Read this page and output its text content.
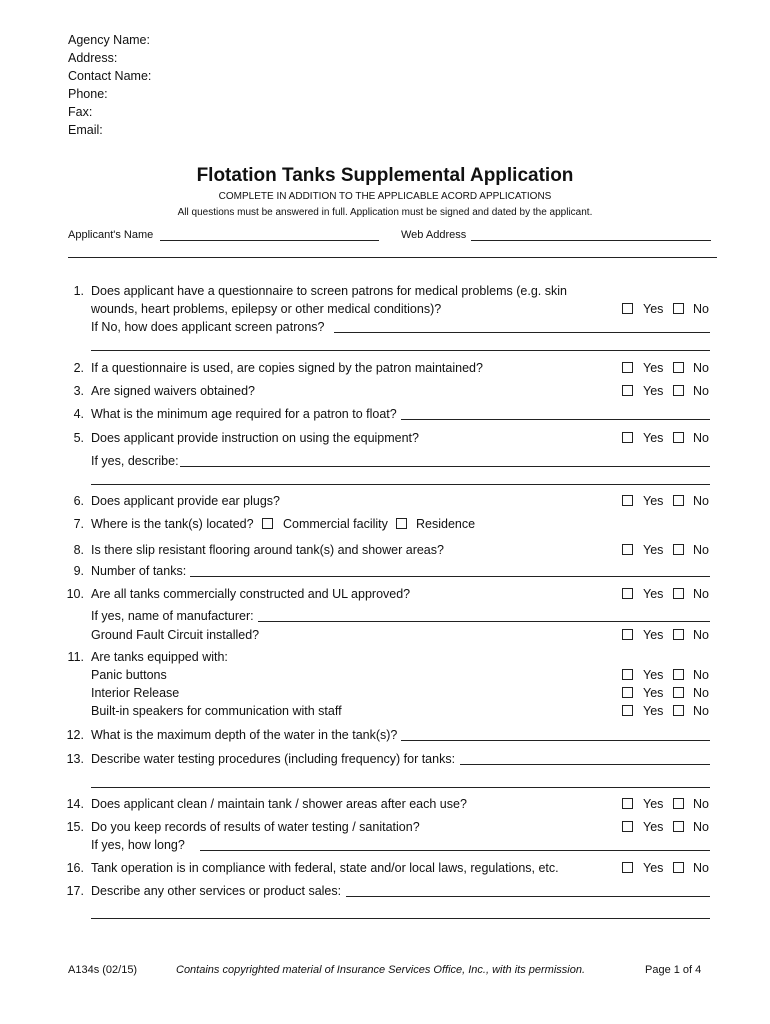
Agency Name:
Address:
Contact Name:
Phone:
Fax:
Email:
Flotation Tanks Supplemental Application
COMPLETE IN ADDITION TO THE APPLICABLE ACORD APPLICATIONS
All questions must be answered in full. Application must be signed and dated by the applicant.
Applicant's Name	Web Address
1. Does applicant have a questionnaire to screen patrons for medical problems (e.g. skin
wounds, heart problems, epilepsy or other medical conditions)?	Yes No
If No, how does applicant screen patrons?
2. If a questionnaire is used, are copies signed by the patron maintained?	Yes No
3. Are signed waivers obtained?	Yes No
4. What is the minimum age required for a patron to float?
5. Does applicant provide instruction on using the equipment?	Yes No
If yes, describe:
6. Does applicant provide ear plugs?	Yes No
7. Where is the tank(s) located? Commercial facility Residence
8. Is there slip resistant flooring around tank(s) and shower areas?	Yes No
9. Number of tanks:
10. Are all tanks commercially constructed and UL approved?	Yes No
If yes, name of manufacturer:
Ground Fault Circuit installed?	Yes No
11. Are tanks equipped with:
Panic buttons	Yes No
Interior Release	Yes No
Built-in speakers for communication with staff	Yes No
12. What is the maximum depth of the water in the tank(s)?
13. Describe water testing procedures (including frequency) for tanks:
14. Does applicant clean / maintain tank / shower areas after each use?	Yes No
15. Do you keep records of results of water testing / sanitation?	Yes No
If yes, how long?
16. Tank operation is in compliance with federal, state and/or local laws, regulations, etc.	Yes No
17. Describe any other services or product sales:
A134s (02/15)	Contains copyrighted material of Insurance Services Office, Inc., with its permission.	Page 1 of 4
